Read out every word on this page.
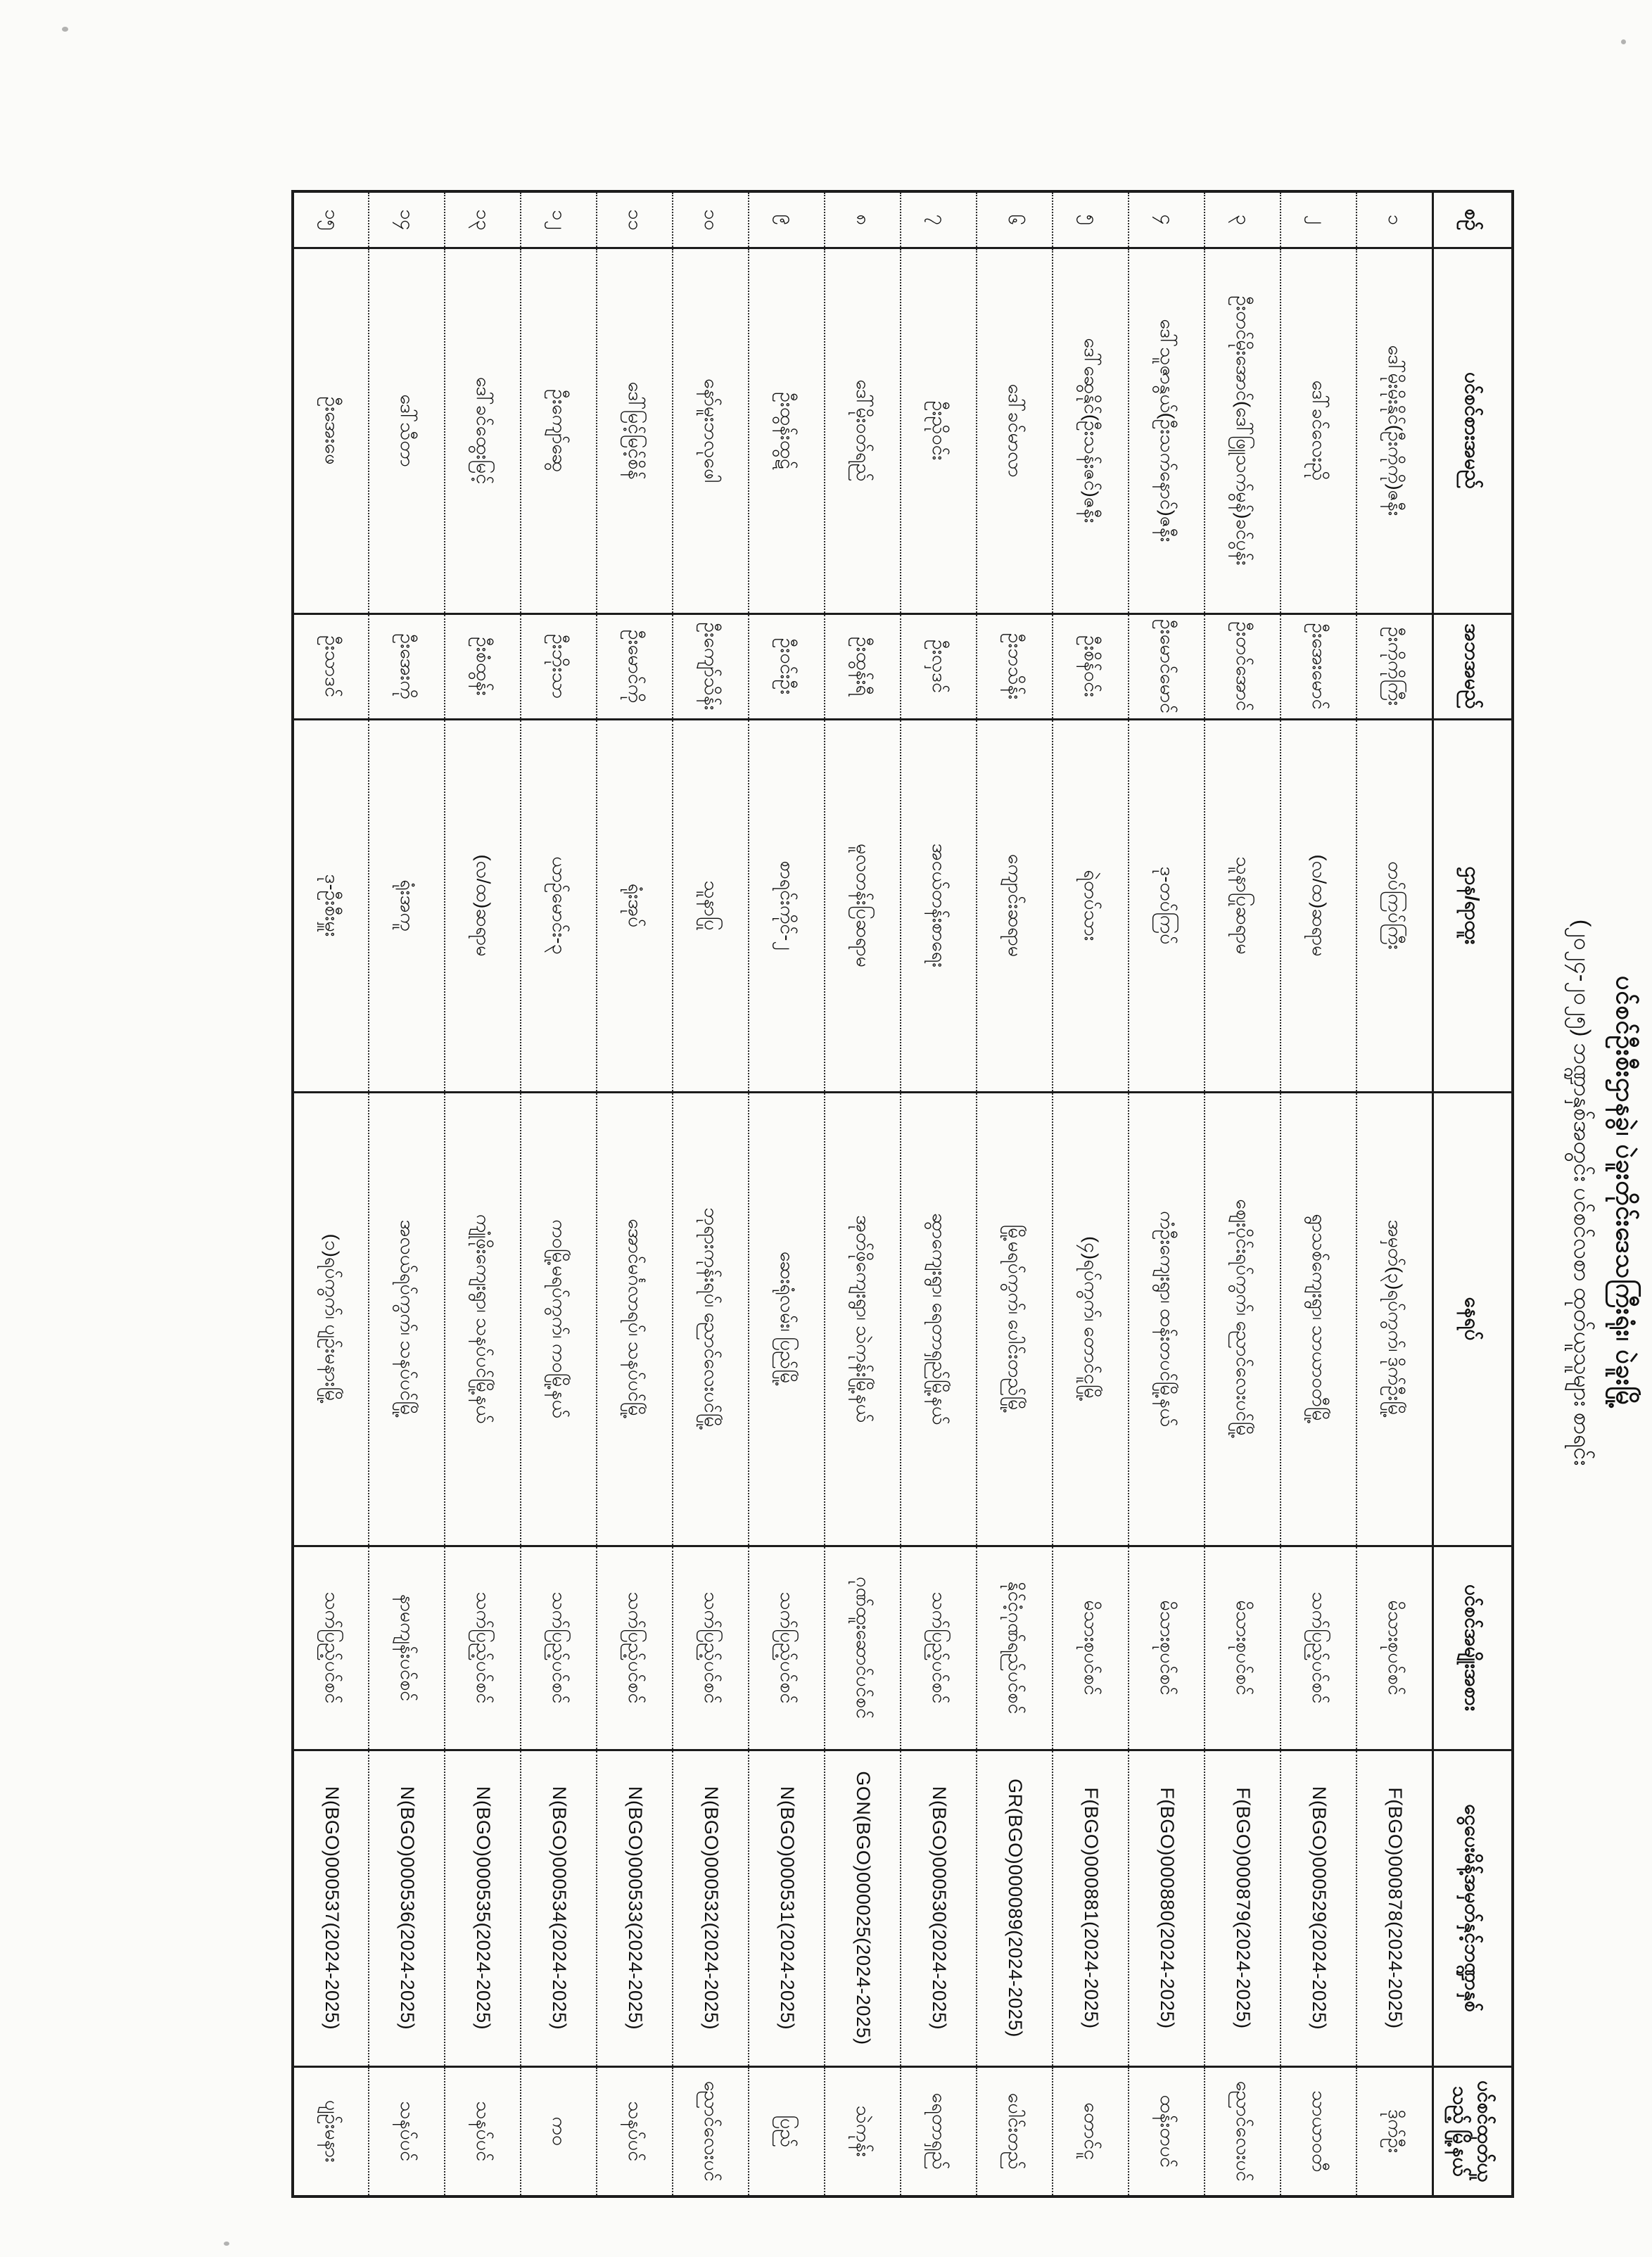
ပင်စင်ဦးစီးဌာနခွဲ၊ ပဲခူးတိုင်းဒေသကြီးရုံး၊ ပဲခူးမြို့
(၂၀၂၄-၂၀၂၅) ဘဏ္ဍာနှစ်အတွင်း ပင်စင်လစာ ထုတ်ယူသူများ စာရင်း
စဉ်	ပင်စင်စားအမည်	အဘအမည်	ဌာန/ရာထူး	နေရပ်	ပင်စင်အမျိုးအစား	ငွေပေးမိန့်အမှတ်နှင့်ဘဏ္ဍာနှစ်	ပင်စင်ထုတ်ယူသည့် မြို့နယ်
၁	ဒေါ်မိုးမိုးနိုင်(ဦးကိုကို)ဇနီး	ဦးကိုကိုကြီး	တပ်ကြပ်ကြီး	အမှတ်(၃)ရပ်ကွက်၊ ဒိုက်ဦးမြို့	မိသားစုပင်စင်	F(BGO)000878(2024-2025)	ဒိုက်ဦး
၂	ဒေါ်ခင်လေးညို	ဦးအေးမောင်	(လ/ထ)ဆရာမ	ရွာသစ်ကျေးရွာ၊ သာယာဝတီမြို့	သက်ပြည့်ပင်စင်	N(BGO)000529(2024-2025)	သာယာဝတီ
၃	ဦးတင်မိုးအောင်(ဒေါ်ဖြူသက်မွန်)ခင်ပွန်း	ဦးတင်အောင်	သူနာပြုဆရာမ	ဈေးပိုင်းရပ်ကွက်၊ ညောင်လေးပင်မြို့	မိသားစုပင်စင်	F(BGO)000879(2024-2025)	ညောင်လေးပင်
၄	ဒေါ်သူဇာနွယ်(ဦးသက်နောင်)ဇနီး	ဦးမောင်မောင်	ဒု-တပ်ကြပ်	ကံဦးကျေးရွာ၊ ထန်းတပင်မြို့နယ်	မိသားစုပင်စင်	F(BGO)000880(2024-2025)	ထန်းတပင်
၅	ဒေါ်ဆွေနိုင်(ဦးသန်းဇင်)ဇနီး	ဦးစိန်ဝင်း	ရဲတပ်သား	(၄)ရပ်ကွက်၊ တောင်ငူမြို့	မိသားစုပင်စင်	F(BGO)000881(2024-2025)	တောင်ငူ
၆	ဒေါ်ခင်မာလာ	ဦးဘသိန်း	ကျောင်းဆရာမ	မြို့မရပ်ကွက်၊ ပေါင်းတည်မြို့	နိုင်ငံ့ဂုဏ်ရည်ပင်စင်	GR(BGO)000089(2024-2025)	ပေါင်းတည်
၇	ဦးညိုဝင်း	ဦးလှဒင်	အငယ်တန်းစာရေး	ဆွာကျေးရွာ၊ ရေတာရှည်မြို့နယ်	သက်ပြည့်ပင်စင်	N(BGO)000530(2024-2025)	ရေတာရှည်
၈	ဒေါ်မိုးဝတ်ရည်	ဦးထွန်းရီ	မူလတန်းပြဆရာမ	အုတ်ဖိုကျေးရွာ၊ သဲကုန်းမြို့နယ်	ဂုဏ်ထူးဆောင်ပင်စင်	GON(BGO)000025(2024-2025)	သဲကုန်း
၉	ဦးထွန်းထွဋ်	ဦးဝင်းဦး	စာရင်းကိုင်-၂	ဆေးရုံလမ်း၊ ပြည်မြို့	သက်ပြည့်ပင်စင်	N(BGO)000531(2024-2025)	ပြည်
၁၀	နော်မူးဘလုဖေါ	ဦးကျော်သိန်း	သူနာပြု	ဘုရားကုန်းရပ်၊ ညောင်လေးပင်မြို့	သက်ပြည့်ပင်စင်	N(BGO)000532(2024-2025)	ညောင်လေးပင်
၁၁	ဒေါ်မြင့်မြင့်စိန်	ဦးမောင်ကို	ရုံးအုပ်	အောင်မင်္ဂလာရပ်၊ သနပ်ပင်မြို့	သက်ပြည့်ပင်စင်	N(BGO)000533(2024-2025)	သနပ်ပင်
၁၂	ဦးကျော်ဆွေ	ဦးဘိုးသာ	ယာဉ်မောင်း-၃	ကဝမြို့မရပ်ကွက်၊ ကဝမြို့နယ်	သက်ပြည့်ပင်စင်	N(BGO)000534(2024-2025)	ကဝ
၁၃	ဒေါ်ခင်ထွေးမြင့်	ဦးစံထွန်း	(လ/ထ)ဆရာမ	ကျုံဖိုးကျေးရွာ၊ သနပ်ပင်မြို့နယ်	သက်ပြည့်ပင်စင်	N(BGO)000535(2024-2025)	သနပ်ပင်
၁၄	ဒေါ်သီတာ	ဦးအေးကို	ရုံးအကူ	အလယ်ရပ်ကွက်၊ သနပ်ပင်မြို့	နာမကျန်းပင်စင်	N(BGO)000536(2024-2025)	သနပ်ပင်
၁၅	ဦးအေးဖေ	ဦးသာဒင်	ဒု-ဦးစီးမှူး	(၁)ရပ်ကွက်၊ ပျဉ်းမနားမြို့	သက်ပြည့်ပင်စင်	N(BGO)000537(2024-2025)	ပျဉ်းမနား
